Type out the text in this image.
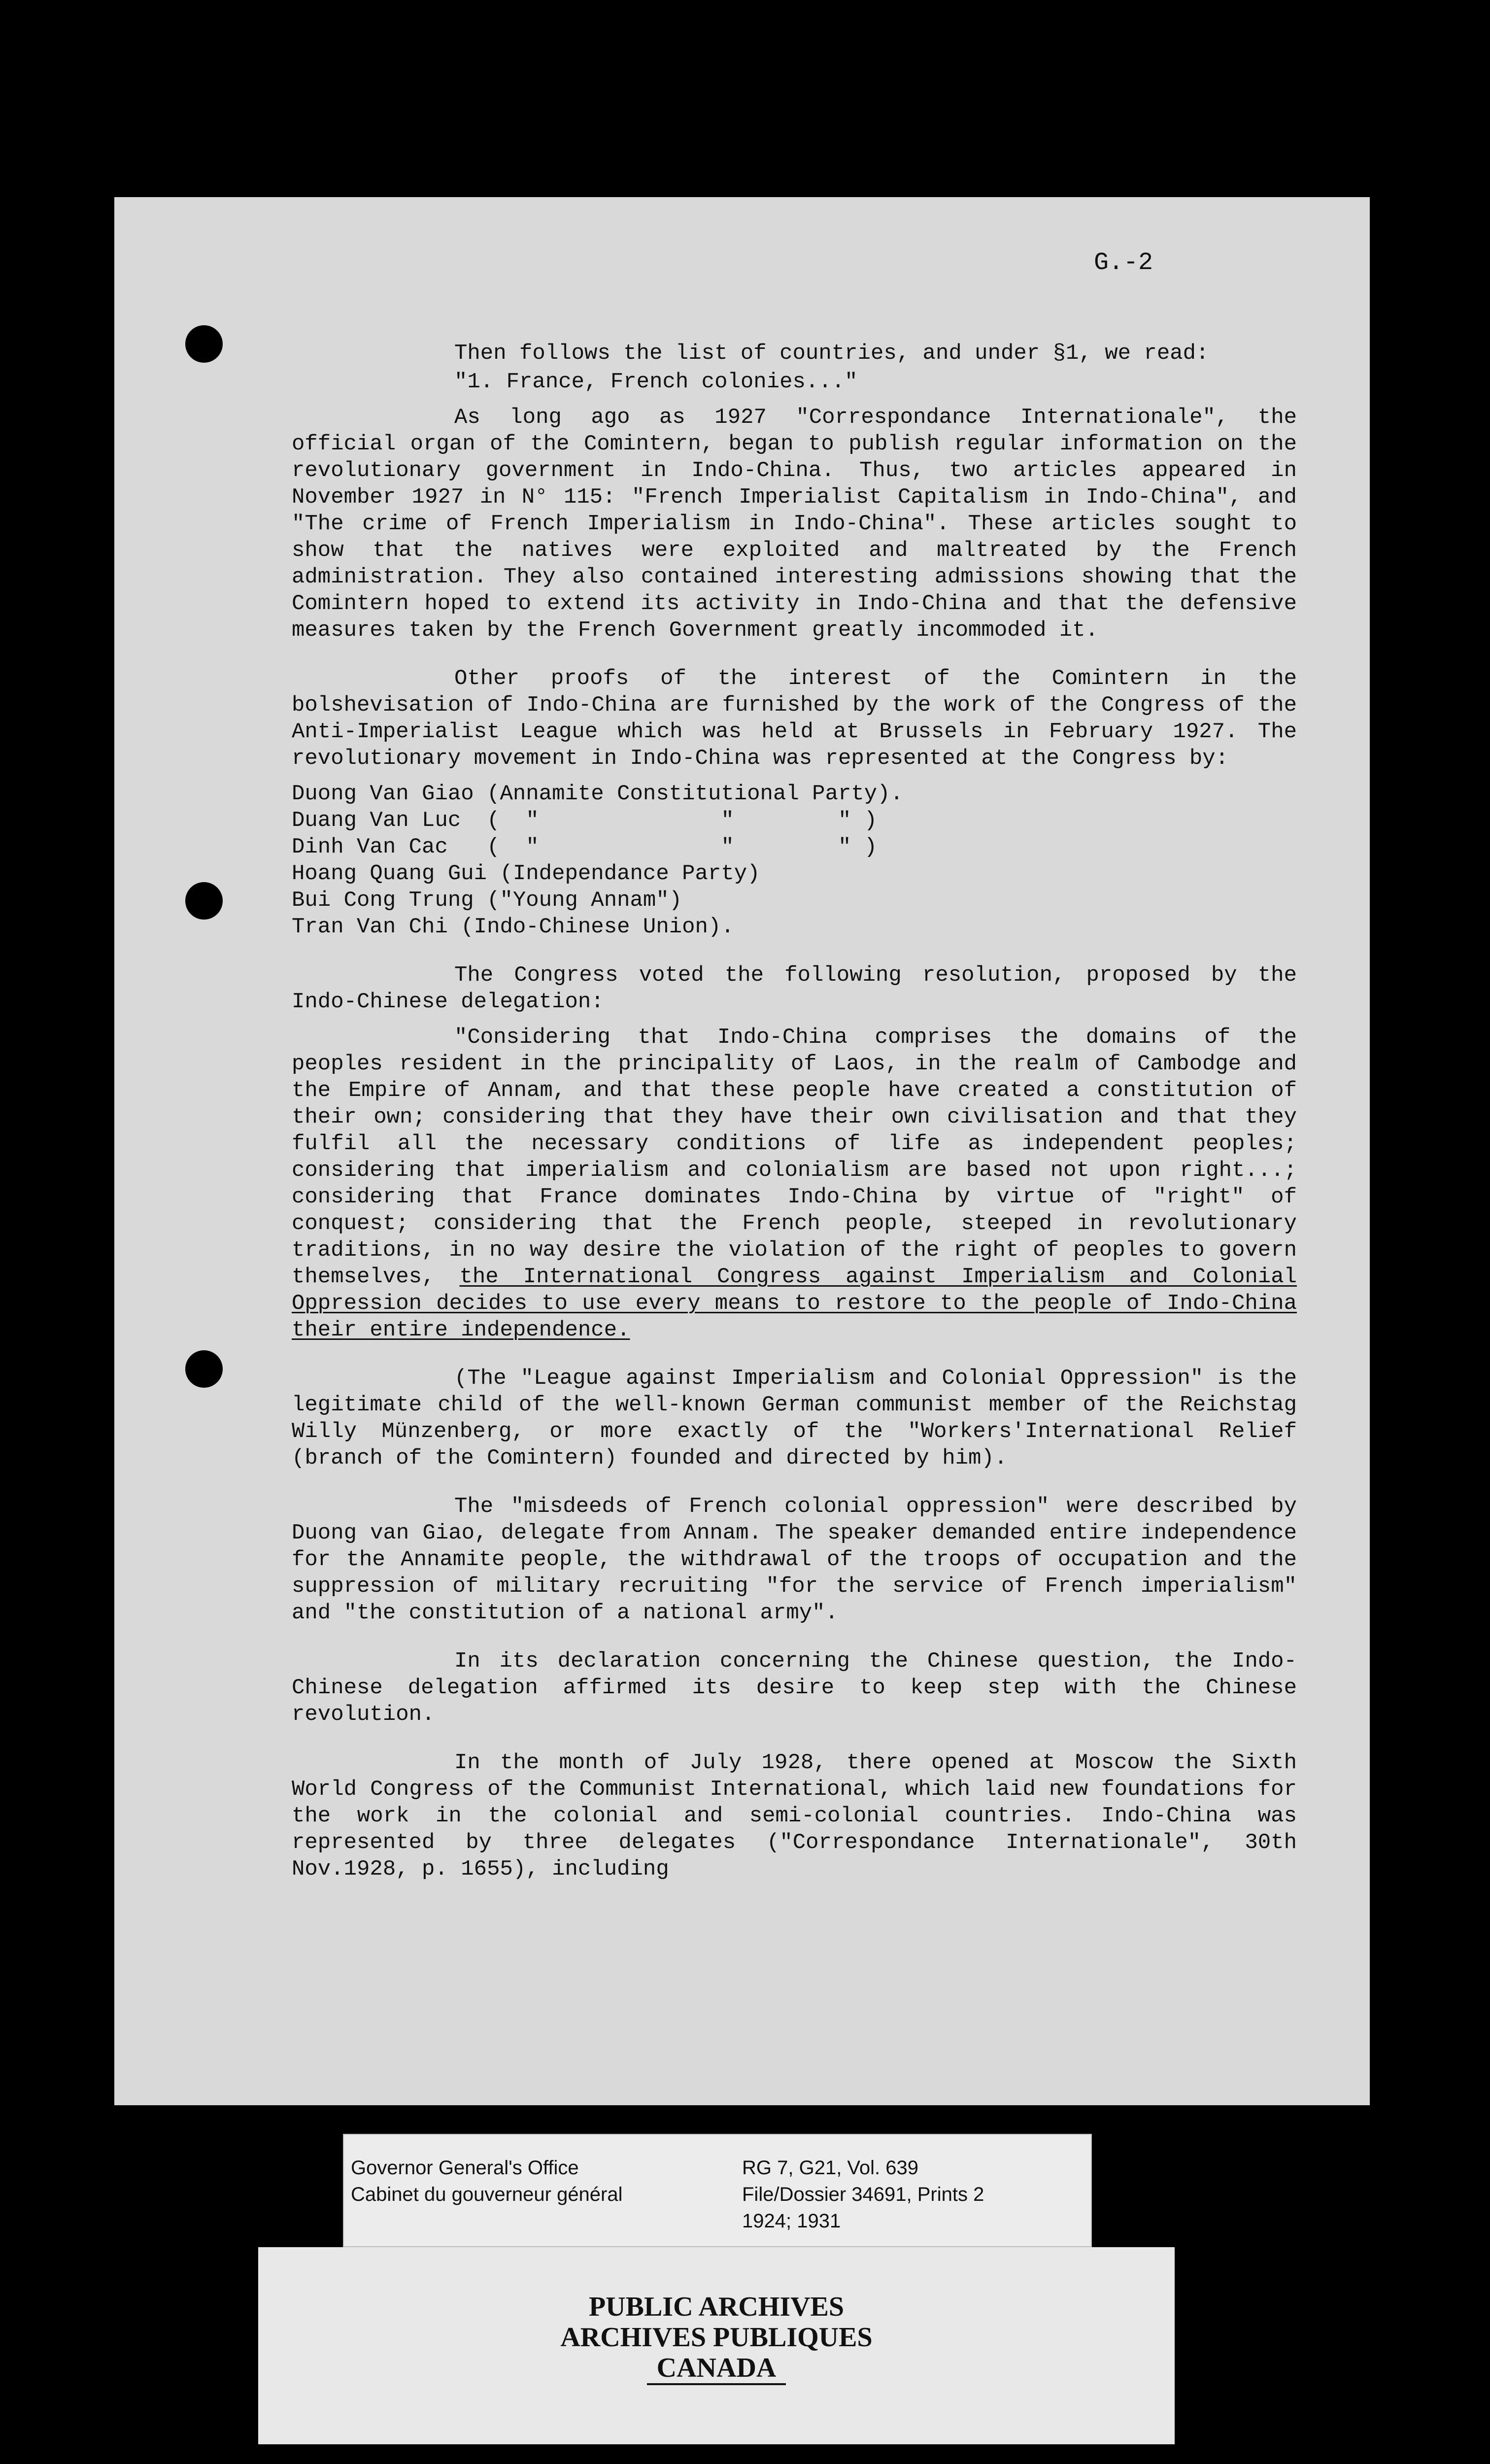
G.-2

Then follows the list of countries, and under §1, we read:

"1. France, French colonies..."

As long ago as 1927 "Correspondance Internationale", the official organ of the Comintern, began to publish regular information on the revolutionary government in Indo-China. Thus, two articles appeared in November 1927 in N° 115: "French Imperialist Capitalism in Indo-China", and "The crime of French Imperialism in Indo-China". These articles sought to show that the natives were exploited and maltreated by the French administration. They also contained interesting admissions showing that the Comintern hoped to extend its activity in Indo-China and that the defensive measures taken by the French Government greatly incommoded it.

Other proofs of the interest of the Comintern in the bolshevisation of Indo-China are furnished by the work of the Congress of the Anti-Imperialist League which was held at Brussels in February 1927. The revolutionary movement in Indo-China was represented at the Congress by:

Duong Van Giao (Annamite Constitutional Party).
Duang Van Luc  (  "              "        " )
Dinh Van Cac   (  "              "        " )
Hoang Quang Gui (Independance Party)
Bui Cong Trung ("Young Annam")
Tran Van Chi (Indo-Chinese Union).

The Congress voted the following resolution, proposed by the Indo-Chinese delegation:

"Considering that Indo-China comprises the domains of the peoples resident in the principality of Laos, in the realm of Cambodge and the Empire of Annam, and that these people have created a constitution of their own; considering that they have their own civilisation and that they fulfil all the necessary conditions of life as independent peoples; considering that imperialism and colonialism are based not upon right...; considering that France dominates Indo-China by virtue of "right" of conquest; considering that the French people, steeped in revolutionary traditions, in no way desire the violation of the right of peoples to govern themselves, the International Congress against Imperialism and Colonial Oppression decides to use every means to restore to the people of Indo-China their entire independence.

(The "League against Imperialism and Colonial Oppression" is the legitimate child of the well-known German communist member of the Reichstag Willy Münzenberg, or more exactly of the "Workers'International Relief (branch of the Comintern) founded and directed by him).

The "misdeeds of French colonial oppression" were described by Duong van Giao, delegate from Annam. The speaker demanded entire independence for the Annamite people, the withdrawal of the troops of occupation and the suppression of military recruiting "for the service of French imperialism" and "the constitution of a national army".

In its declaration concerning the Chinese question, the Indo-Chinese delegation affirmed its desire to keep step with the Chinese revolution.

In the month of July 1928, there opened at Moscow the Sixth World Congress of the Communist International, which laid new foundations for the work in the colonial and semi-colonial countries. Indo-China was represented by three delegates ("Correspondance Internationale", 30th Nov.1928, p. 1655), including

Governor General's Office
Cabinet du gouverneur général
RG 7, G21, Vol. 639
File/Dossier 34691, Prints 2
1924; 1931
PUBLIC ARCHIVES
ARCHIVES PUBLIQUES
CANADA
